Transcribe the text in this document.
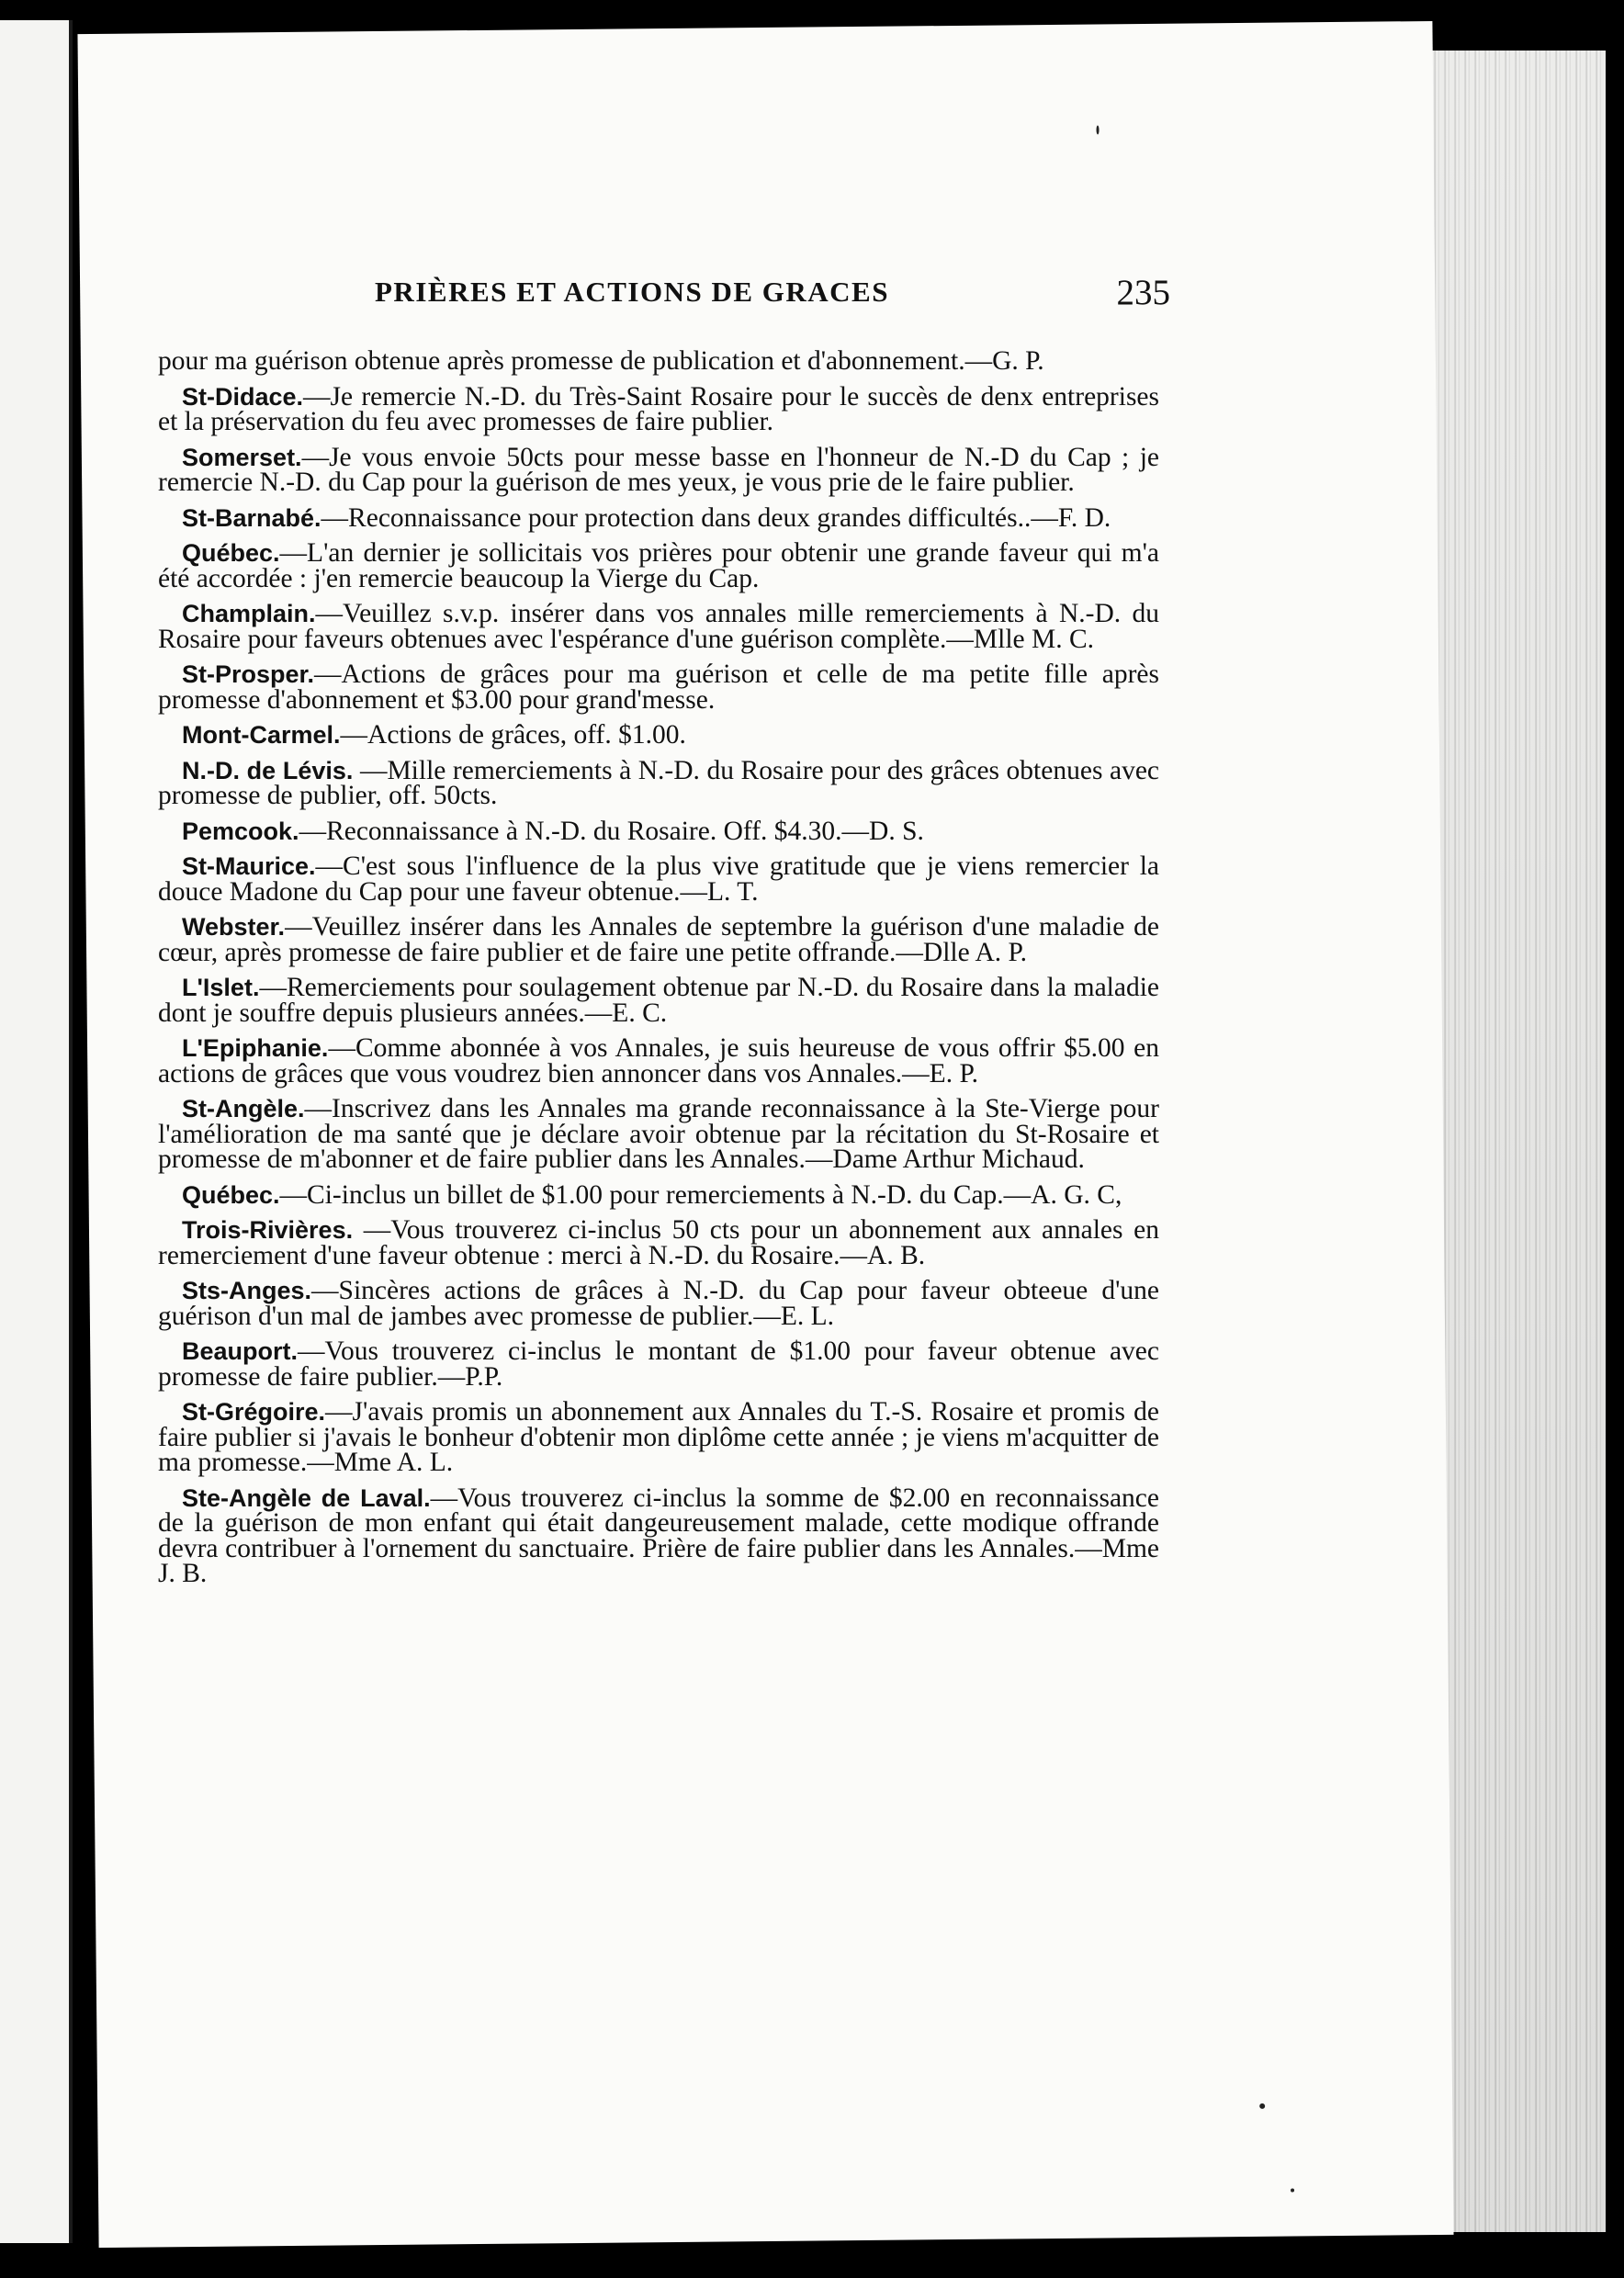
PRIÈRES ET ACTIONS DE GRACES	235

pour ma guérison obtenue après promesse de publication et d'abonnement.—G. P.

St-Didace.—Je remercie N.-D. du Très-Saint Rosaire pour le succès de denx entreprises et la préservation du feu avec promesses de faire publier.

Somerset.—Je vous envoie 50cts pour messe basse en l'honneur de N.-D du Cap ; je remercie N.-D. du Cap pour la guérison de mes yeux, je vous prie de le faire publier.

St-Barnabé.—Reconnaissance pour protection dans deux grandes difficultés..—F. D.

Québec.—L'an dernier je sollicitais vos prières pour obtenir une grande faveur qui m'a été accordée : j'en remercie beaucoup la Vierge du Cap.

Champlain.—Veuillez s.v.p. insérer dans vos annales mille remerciements à N.-D. du Rosaire pour faveurs obtenues avec l'espérance d'une guérison complète.—Mlle M. C.

St-Prosper.—Actions de grâces pour ma guérison et celle de ma petite fille après promesse d'abonnement et $3.00 pour grand'messe.

Mont-Carmel.—Actions de grâces, off. $1.00.

N.-D. de Lévis. —Mille remerciements à N.-D. du Rosaire pour des grâces obtenues avec promesse de publier, off. 50cts.

Pemcook.—Reconnaissance à N.-D. du Rosaire. Off. $4.30.—D. S.

St-Maurice.—C'est sous l'influence de la plus vive gratitude que je viens remercier la douce Madone du Cap pour une faveur obtenue.—L. T.

Webster.—Veuillez insérer dans les Annales de septembre la guérison d'une maladie de cœur, après promesse de faire publier et de faire une petite offrande.—Dlle A. P.

L'Islet.—Remerciements pour soulagement obtenue par N.-D. du Rosaire dans la maladie dont je souffre depuis plusieurs années.—E. C.

L'Epiphanie.—Comme abonnée à vos Annales, je suis heureuse de vous offrir $5.00 en actions de grâces que vous voudrez bien annoncer dans vos Annales.—E. P.

St-Angèle.—Inscrivez dans les Annales ma grande reconnaissance à la Ste-Vierge pour l'amélioration de ma santé que je déclare avoir obtenue par la récitation du St-Rosaire et promesse de m'abonner et de faire publier dans les Annales.—Dame Arthur Michaud.

Québec.—Ci-inclus un billet de $1.00 pour remerciements à N.-D. du Cap.—A. G. C,

Trois-Rivières. —Vous trouverez ci-inclus 50 cts pour un abonnement aux annales en remerciement d'une faveur obtenue : merci à N.-D. du Rosaire.—A. B.

Sts-Anges.—Sincères actions de grâces à N.-D. du Cap pour faveur obteeue d'une guérison d'un mal de jambes avec promesse de publier.—E. L.

Beauport.—Vous trouverez ci-inclus le montant de $1.00 pour faveur obtenue avec promesse de faire publier.—P.P.

St-Grégoire.—J'avais promis un abonnement aux Annales du T.-S. Rosaire et promis de faire publier si j'avais le bonheur d'obtenir mon diplôme cette année ; je viens m'acquitter de ma promesse.—Mme A. L.

Ste-Angèle de Laval.—Vous trouverez ci-inclus la somme de $2.00 en reconnaissance de la guérison de mon enfant qui était dangeureusement malade, cette modique offrande devra contribuer à l'ornement du sanctuaire. Prière de faire publier dans les Annales.—Mme J. B.
